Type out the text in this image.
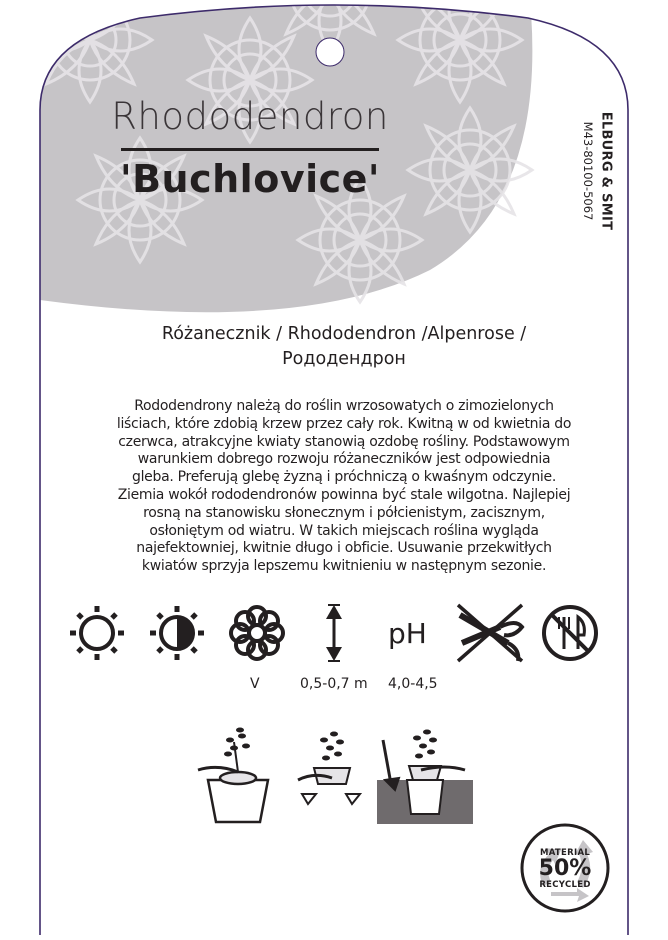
Rhododendron
'Buchlovice'	ELBURG & SMIT
M43-80100-5067
Różanecznik / Rhododendron /Alpenrose /
Рододендрон
Rododendrony należą do roślin wrzosowatych o zimozielonych
liściach, które zdobią krzew przez cały rok. Kwitną w od kwietnia do
czerwca, atrakcyjne kwiaty stanowią ozdobę rośliny. Podstawowym
warunkiem dobrego rozwoju różaneczników jest odpowiednia
gleba. Preferują glebę żyzną i próchniczą o kwaśnym odczynie.
Ziemia wokół rododendronów powinna być stale wilgotna. Najlepiej
rosną na stanowisku słonecznym i półcienistym, zacisznym,
osłoniętym od wiatru. W takich miejscach roślina wygląda
najefektowniej, kwitnie długo i obficie. Usuwanie przekwitłych
kwiatów sprzyja lepszemu kwitnieniu w następnym sezonie.
pH
V	0,5-0,7 m 4,0-4,5
MATERIAL
50%
RECYCLED
